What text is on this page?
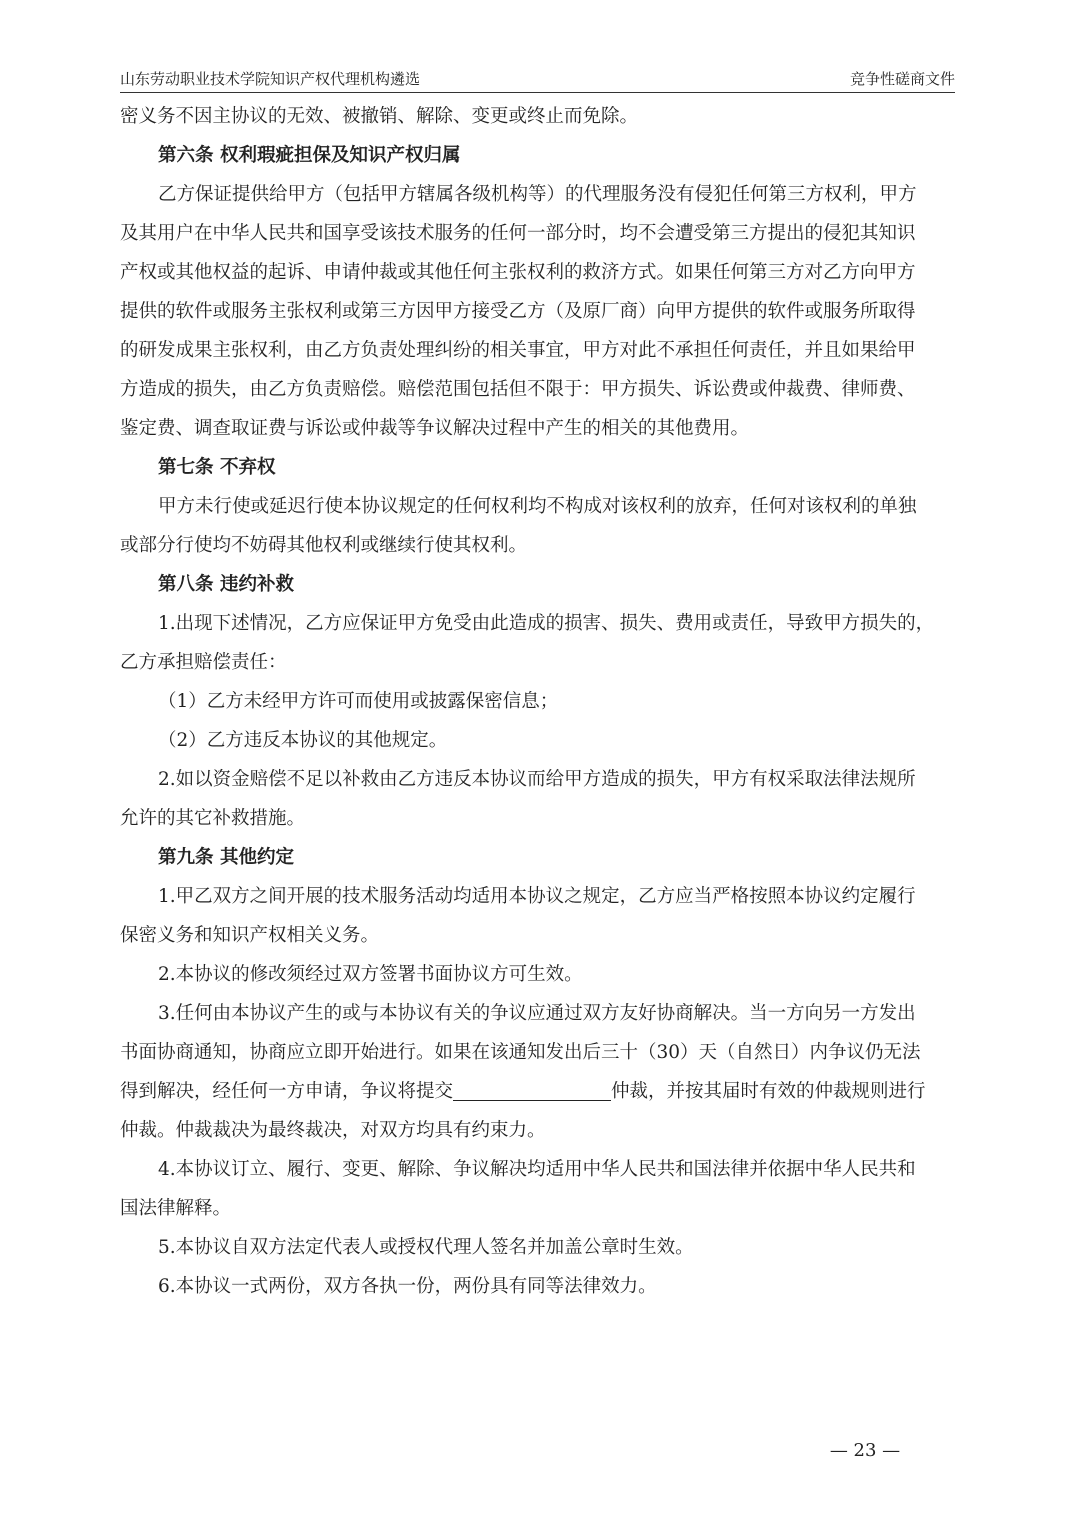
山东劳动职业技术学院知识产权代理机构遴选	竞争性磋商文件
密义务不因主协议的无效、被撤销、解除、变更或终止而免除。
第六条 权利瑕疵担保及知识产权归属
乙方保证提供给甲方（包括甲方辖属各级机构等）的代理服务没有侵犯任何第三方权利，甲方
及其用户在中华人民共和国享受该技术服务的任何一部分时，均不会遭受第三方提出的侵犯其知识
产权或其他权益的起诉、申请仲裁或其他任何主张权利的救济方式。如果任何第三方对乙方向甲方
提供的软件或服务主张权利或第三方因甲方接受乙方（及原厂商）向甲方提供的软件或服务所取得
的研发成果主张权利，由乙方负责处理纠纷的相关事宜，甲方对此不承担任何责任，并且如果给甲
方造成的损失，由乙方负责赔偿。赔偿范围包括但不限于：甲方损失、诉讼费或仲裁费、律师费、
鉴定费、调查取证费与诉讼或仲裁等争议解决过程中产生的相关的其他费用。
第七条 不弃权
甲方未行使或延迟行使本协议规定的任何权利均不构成对该权利的放弃，任何对该权利的单独
或部分行使均不妨碍其他权利或继续行使其权利。
第八条 违约补救
1.出现下述情况，乙方应保证甲方免受由此造成的损害、损失、费用或责任，导致甲方损失的，
乙方承担赔偿责任：
（1）乙方未经甲方许可而使用或披露保密信息；
（2）乙方违反本协议的其他规定。
2.如以资金赔偿不足以补救由乙方违反本协议而给甲方造成的损失，甲方有权采取法律法规所
允许的其它补救措施。
第九条 其他约定
1.甲乙双方之间开展的技术服务活动均适用本协议之规定，乙方应当严格按照本协议约定履行
保密义务和知识产权相关义务。
2.本协议的修改须经过双方签署书面协议方可生效。
3.任何由本协议产生的或与本协议有关的争议应通过双方友好协商解决。当一方向另一方发出
书面协商通知，协商应立即开始进行。如果在该通知发出后三十（30）天（自然日）内争议仍无法
得到解决，经任何一方申请，争议将提交	仲裁，并按其届时有效的仲裁规则进行
仲裁。仲裁裁决为最终裁决，对双方均具有约束力。
4.本协议订立、履行、变更、解除、争议解决均适用中华人民共和国法律并依据中华人民共和
国法律解释。
5.本协议自双方法定代表人或授权代理人签名并加盖公章时生效。
6.本协议一式两份，双方各执一份，两份具有同等法律效力。
— 23 —
